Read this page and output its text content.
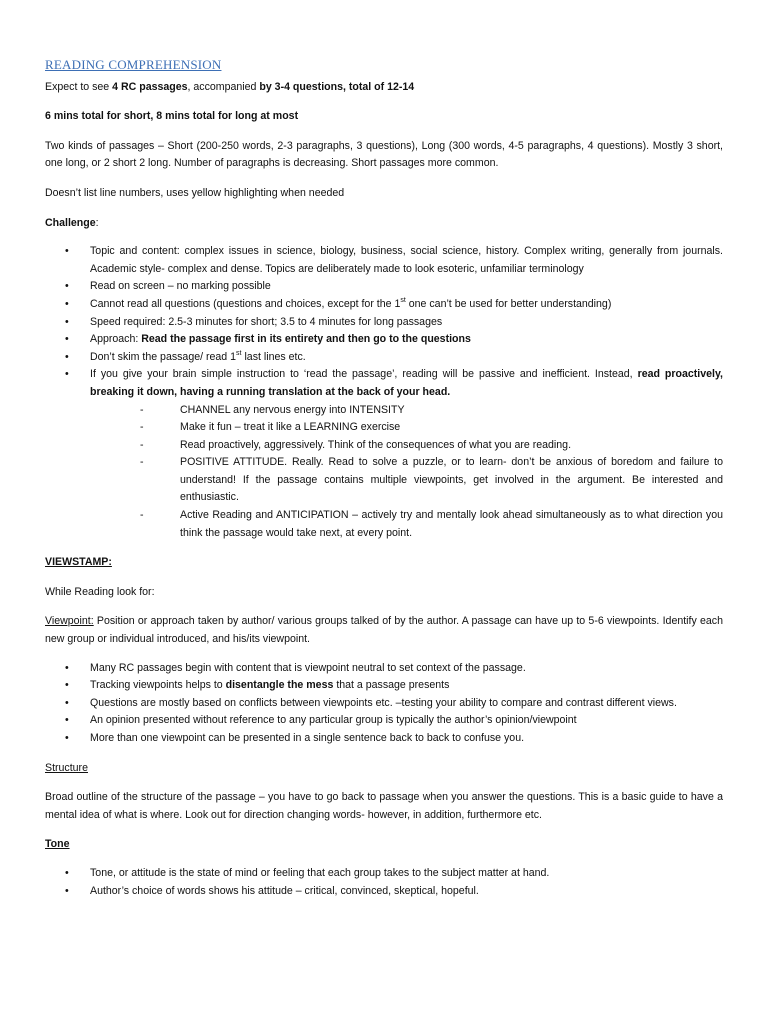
READING COMPREHENSION

Expect to see 4 RC passages, accompanied by 3-4 questions, total of 12-14

6 mins total for short, 8 mins total for long at most

Two kinds of passages – Short (200-250 words, 2-3 paragraphs, 3 questions), Long (300 words, 4-5 paragraphs, 4 questions). Mostly 3 short, one long, or 2 short 2 long. Number of paragraphs is decreasing. Short passages more common.

Doesn’t list line numbers, uses yellow highlighting when needed

Challenge:

• Topic and content: complex issues in science, biology, business, social science, history. Complex writing, generally from journals. Academic style- complex and dense. Topics are deliberately made to look esoteric, unfamiliar terminology
• Read on screen – no marking possible
• Cannot read all questions (questions and choices, except for the 1st one can’t be used for better understanding)
• Speed required: 2.5-3 minutes for short; 3.5 to 4 minutes for long passages
• Approach: Read the passage first in its entirety and then go to the questions
• Don’t skim the passage/ read 1st last lines etc.
• If you give your brain simple instruction to ‘read the passage’, reading will be passive and inefficient. Instead, read proactively, breaking it down, having a running translation at the back of your head.
- CHANNEL any nervous energy into INTENSITY
- Make it fun – treat it like a LEARNING exercise
- Read proactively, aggressively. Think of the consequences of what you are reading.
- POSITIVE ATTITUDE. Really. Read to solve a puzzle, or to learn- don’t be anxious of boredom and failure to understand! If the passage contains multiple viewpoints, get involved in the argument. Be interested and enthusiastic.
- Active Reading and ANTICIPATION – actively try and mentally look ahead simultaneously as to what direction you think the passage would take next, at every point.

VIEWSTAMP:

While Reading look for:

Viewpoint: Position or approach taken by author/ various groups talked of by the author. A passage can have up to 5-6 viewpoints. Identify each new group or individual introduced, and his/its viewpoint.

• Many RC passages begin with content that is viewpoint neutral to set context of the passage.
• Tracking viewpoints helps to disentangle the mess that a passage presents
• Questions are mostly based on conflicts between viewpoints etc. –testing your ability to compare and contrast different views.
• An opinion presented without reference to any particular group is typically the author’s opinion/viewpoint
• More than one viewpoint can be presented in a single sentence back to back to confuse you.

Structure

Broad outline of the structure of the passage – you have to go back to passage when you answer the questions. This is a basic guide to have a mental idea of what is where. Look out for direction changing words- however, in addition, furthermore etc.

Tone

• Tone, or attitude is the state of mind or feeling that each group takes to the subject matter at hand.
• Author’s choice of words shows his attitude – critical, convinced, skeptical, hopeful.
